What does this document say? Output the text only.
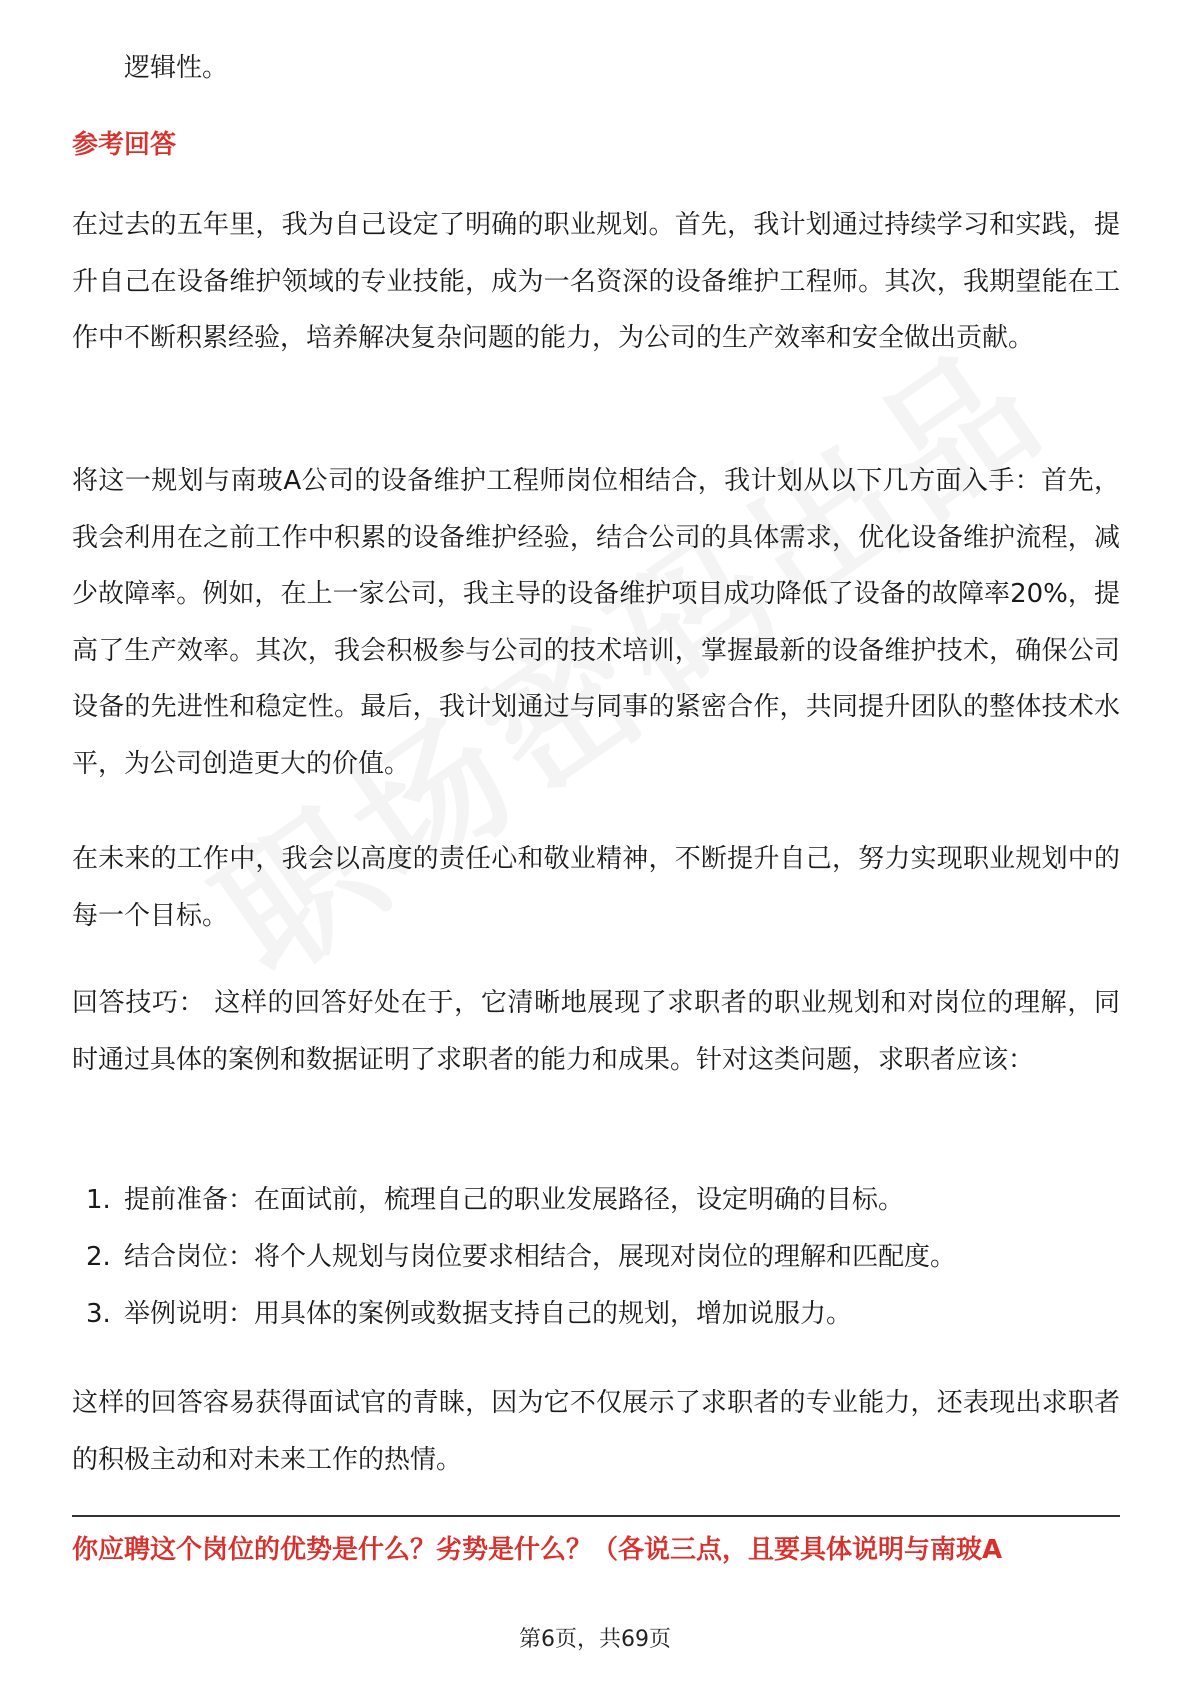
逻辑性。
参考回答
在过去的五年里，我为自己设定了明确的职业规划。首先，我计划通过持续学习和实践，提升自己在设备维护领域的专业技能，成为一名资深的设备维护工程师。其次，我期望能在工作中不断积累经验，培养解决复杂问题的能力，为公司的生产效率和安全做出贡献。
将这一规划与南玻A公司的设备维护工程师岗位相结合，我计划从以下几方面入手：首先，我会利用在之前工作中积累的设备维护经验，结合公司的具体需求，优化设备维护流程，减少故障率。例如，在上一家公司，我主导的设备维护项目成功降低了设备的故障率20%，提高了生产效率。其次，我会积极参与公司的技术培训，掌握最新的设备维护技术，确保公司设备的先进性和稳定性。最后，我计划通过与同事的紧密合作，共同提升团队的整体技术水平，为公司创造更大的价值。
在未来的工作中，我会以高度的责任心和敬业精神，不断提升自己，努力实现职业规划中的每一个目标。
回答技巧： 这样的回答好处在于，它清晰地展现了求职者的职业规划和对岗位的理解，同时通过具体的案例和数据证明了求职者的能力和成果。针对这类问题，求职者应该：
1. 提前准备：在面试前，梳理自己的职业发展路径，设定明确的目标。
2. 结合岗位：将个人规划与岗位要求相结合，展现对岗位的理解和匹配度。
3. 举例说明：用具体的案例或数据支持自己的规划，增加说服力。
这样的回答容易获得面试官的青睐，因为它不仅展示了求职者的专业能力，还表现出求职者的积极主动和对未来工作的热情。
你应聘这个岗位的优势是什么？劣势是什么？（各说三点，且要具体说明与南玻A
第6页，共69页
